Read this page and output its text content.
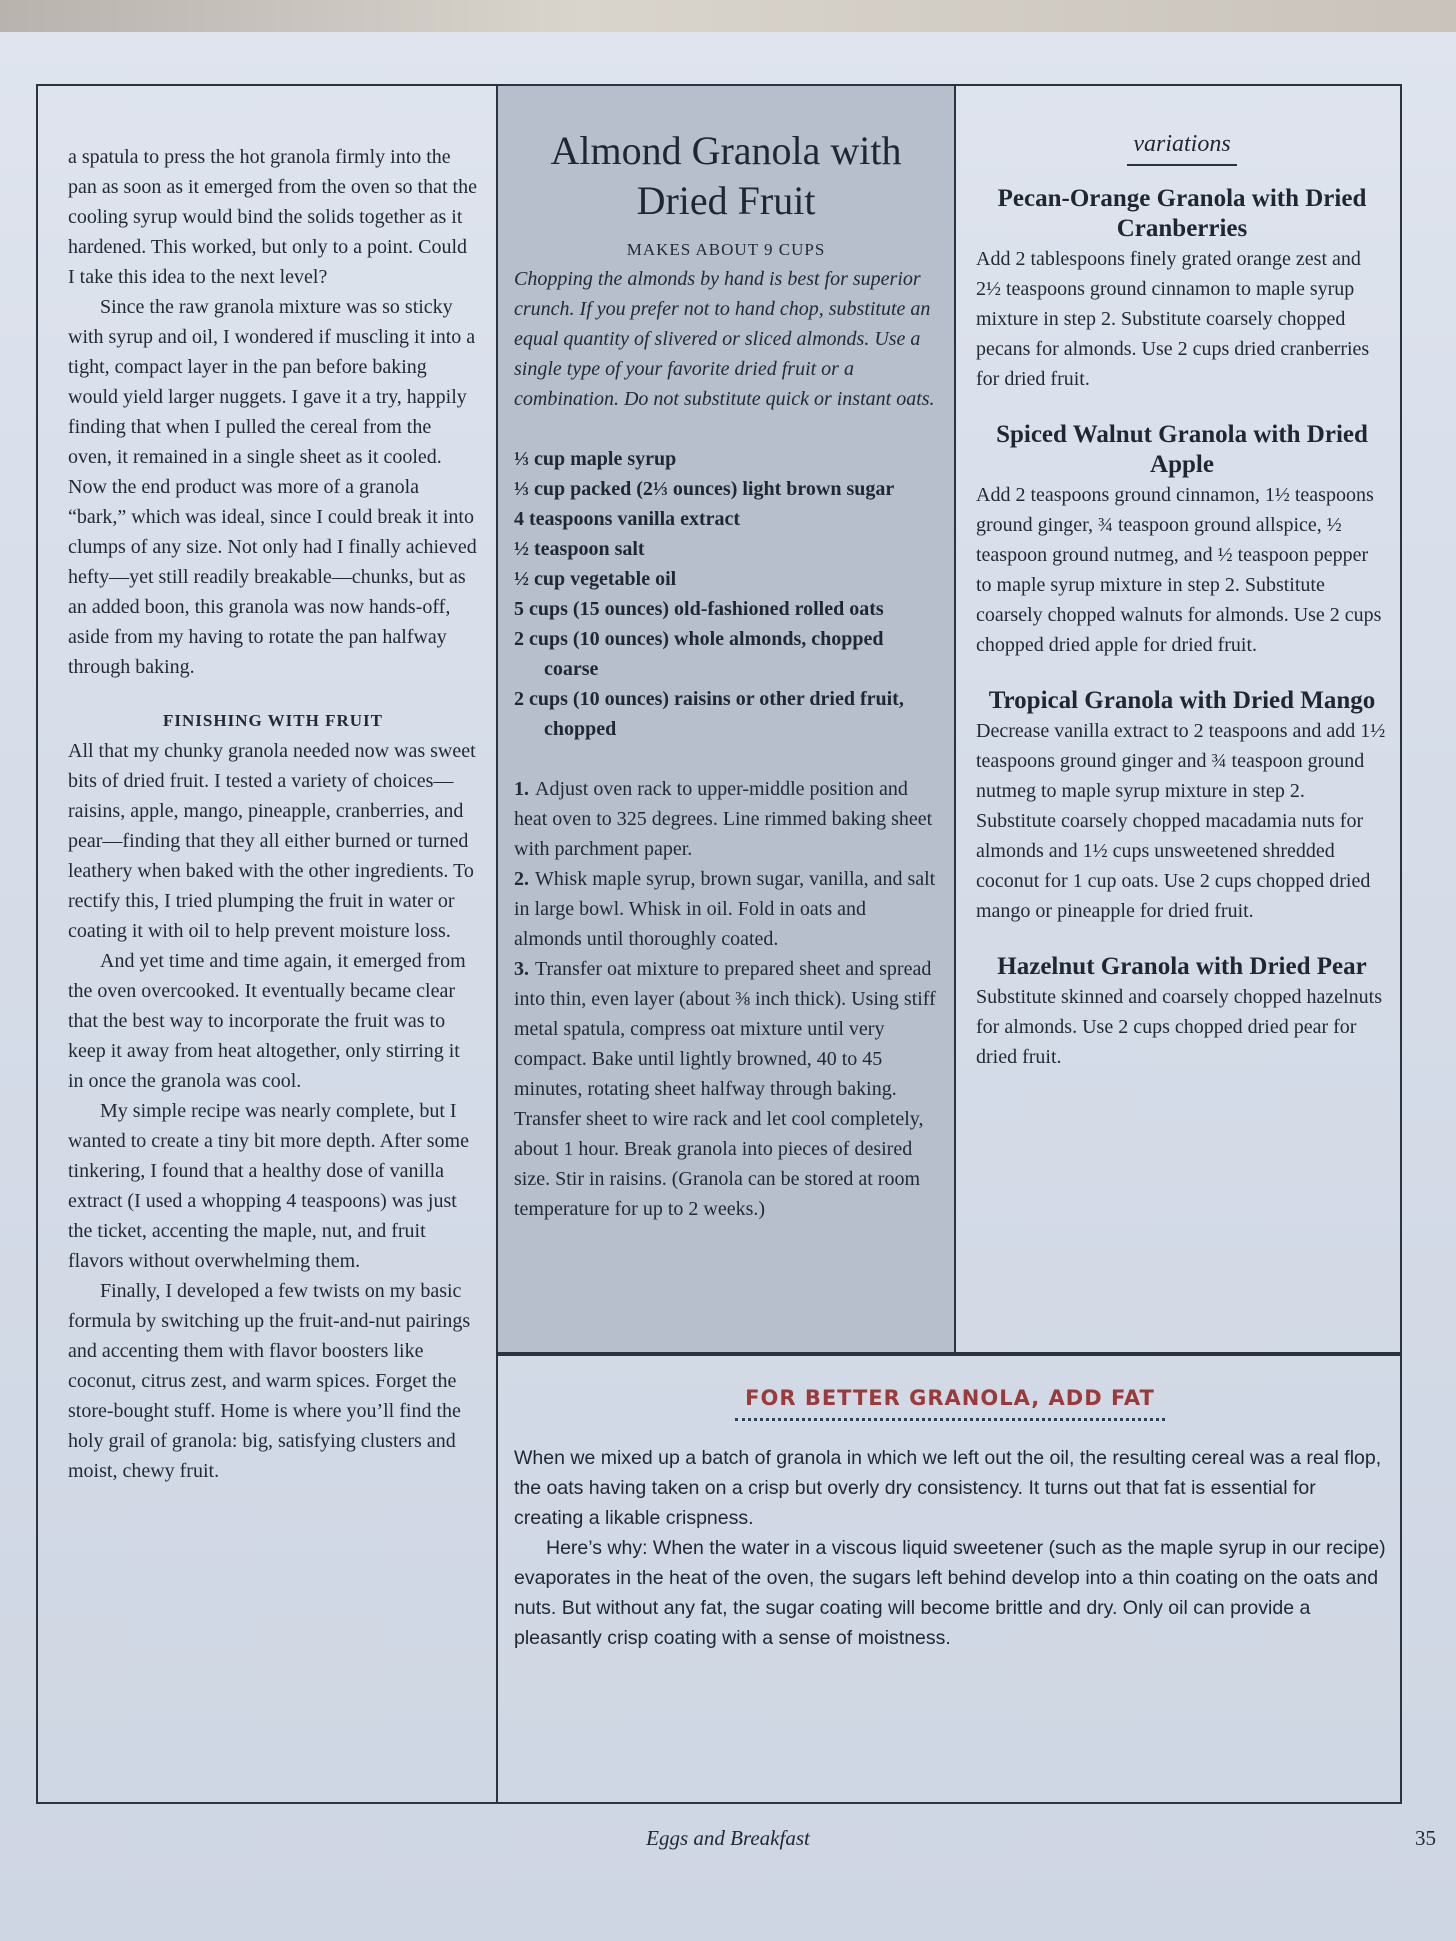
a spatula to press the hot granola firmly into the pan as soon as it emerged from the oven so that the cooling syrup would bind the solids together as it hardened. This worked, but only to a point. Could I take this idea to the next level?

Since the raw granola mixture was so sticky with syrup and oil, I wondered if muscling it into a tight, compact layer in the pan before baking would yield larger nuggets. I gave it a try, happily finding that when I pulled the cereal from the oven, it remained in a single sheet as it cooled. Now the end product was more of a granola “bark,” which was ideal, since I could break it into clumps of any size. Not only had I finally achieved hefty—yet still readily breakable—chunks, but as an added boon, this granola was now hands-off, aside from my having to rotate the pan halfway through baking.

FINISHING WITH FRUIT

All that my chunky granola needed now was sweet bits of dried fruit. I tested a variety of choices—raisins, apple, mango, pineapple, cranberries, and pear—finding that they all either burned or turned leathery when baked with the other ingredients. To rectify this, I tried plumping the fruit in water or coating it with oil to help prevent moisture loss.

And yet time and time again, it emerged from the oven overcooked. It eventually became clear that the best way to incorporate the fruit was to keep it away from heat altogether, only stirring it in once the granola was cool.

My simple recipe was nearly complete, but I wanted to create a tiny bit more depth. After some tinkering, I found that a healthy dose of vanilla extract (I used a whopping 4 teaspoons) was just the ticket, accenting the maple, nut, and fruit flavors without overwhelming them.

Finally, I developed a few twists on my basic formula by switching up the fruit-and-nut pairings and accenting them with flavor boosters like coconut, citrus zest, and warm spices. Forget the store-bought stuff. Home is where you’ll find the holy grail of granola: big, satisfying clusters and moist, chewy fruit.

Almond Granola with Dried Fruit
MAKES ABOUT 9 CUPS

Chopping the almonds by hand is best for superior crunch. If you prefer not to hand chop, substitute an equal quantity of slivered or sliced almonds. Use a single type of your favorite dried fruit or a combination. Do not substitute quick or instant oats.

⅓ cup maple syrup
⅓ cup packed (2⅓ ounces) light brown sugar
4 teaspoons vanilla extract
½ teaspoon salt
½ cup vegetable oil
5 cups (15 ounces) old-fashioned rolled oats
2 cups (10 ounces) whole almonds, chopped coarse
2 cups (10 ounces) raisins or other dried fruit, chopped
1. Adjust oven rack to upper-middle position and heat oven to 325 degrees. Line rimmed baking sheet with parchment paper.
2. Whisk maple syrup, brown sugar, vanilla, and salt in large bowl. Whisk in oil. Fold in oats and almonds until thoroughly coated.
3. Transfer oat mixture to prepared sheet and spread into thin, even layer (about ⅜ inch thick). Using stiff metal spatula, compress oat mixture until very compact. Bake until lightly browned, 40 to 45 minutes, rotating sheet halfway through baking. Transfer sheet to wire rack and let cool completely, about 1 hour. Break granola into pieces of desired size. Stir in raisins. (Granola can be stored at room temperature for up to 2 weeks.)
variations
Pecan-Orange Granola with Dried Cranberries

Add 2 tablespoons finely grated orange zest and 2½ teaspoons ground cinnamon to maple syrup mixture in step 2. Substitute coarsely chopped pecans for almonds. Use 2 cups dried cranberries for dried fruit.

Spiced Walnut Granola with Dried Apple

Add 2 teaspoons ground cinnamon, 1½ teaspoons ground ginger, ¾ teaspoon ground allspice, ½ teaspoon ground nutmeg, and ½ teaspoon pepper to maple syrup mixture in step 2. Substitute coarsely chopped walnuts for almonds. Use 2 cups chopped dried apple for dried fruit.

Tropical Granola with Dried Mango

Decrease vanilla extract to 2 teaspoons and add 1½ teaspoons ground ginger and ¾ teaspoon ground nutmeg to maple syrup mixture in step 2. Substitute coarsely chopped macadamia nuts for almonds and 1½ cups unsweetened shredded coconut for 1 cup oats. Use 2 cups chopped dried mango or pineapple for dried fruit.

Hazelnut Granola with Dried Pear

Substitute skinned and coarsely chopped hazelnuts for almonds. Use 2 cups chopped dried pear for dried fruit.

FOR BETTER GRANOLA, ADD FAT

When we mixed up a batch of granola in which we left out the oil, the resulting cereal was a real flop, the oats having taken on a crisp but overly dry consistency. It turns out that fat is essential for creating a likable crispness.

Here’s why: When the water in a viscous liquid sweetener (such as the maple syrup in our recipe) evaporates in the heat of the oven, the sugars left behind develop into a thin coating on the oats and nuts. But without any fat, the sugar coating will become brittle and dry. Only oil can provide a pleasantly crisp coating with a sense of moistness.

Eggs and Breakfast	35
